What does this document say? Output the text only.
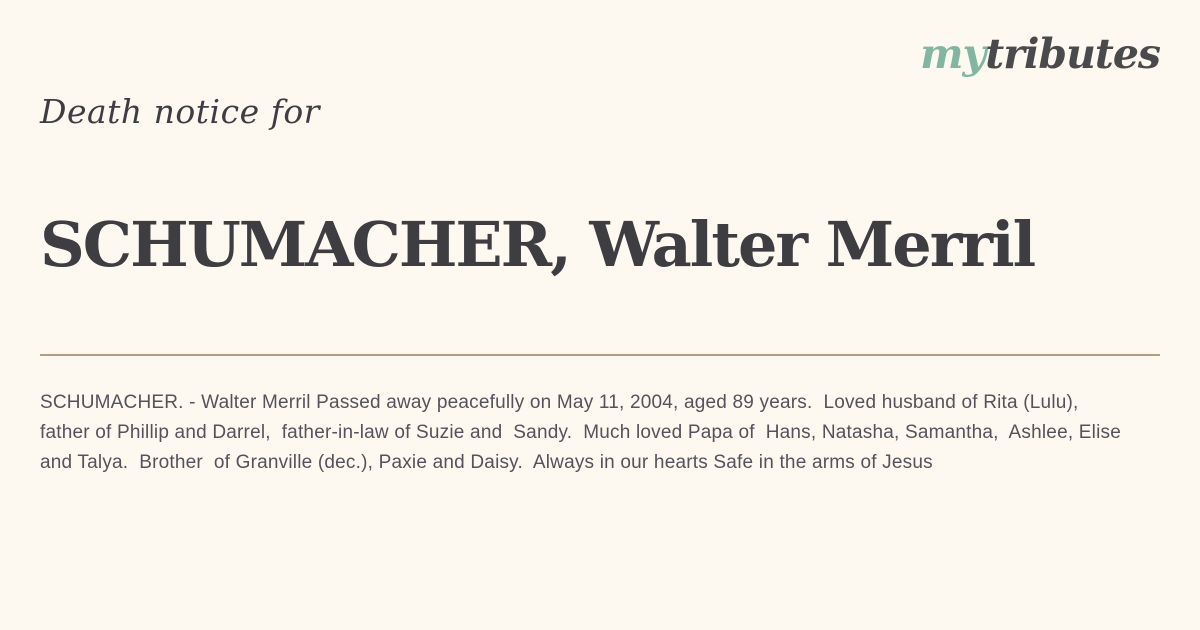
mytributes
Death notice for
SCHUMACHER, Walter Merril

SCHUMACHER. - Walter Merril Passed away peacefully on May 11, 2004, aged 89 years.  Loved husband of Rita (Lulu),  father of Phillip and Darrel,  father-in-law of Suzie and  Sandy.  Much loved Papa of  Hans, Natasha, Samantha,  Ashlee, Elise and Talya.  Brother  of Granville (dec.), Paxie and Daisy.  Always in our hearts Safe in the arms of Jesus
